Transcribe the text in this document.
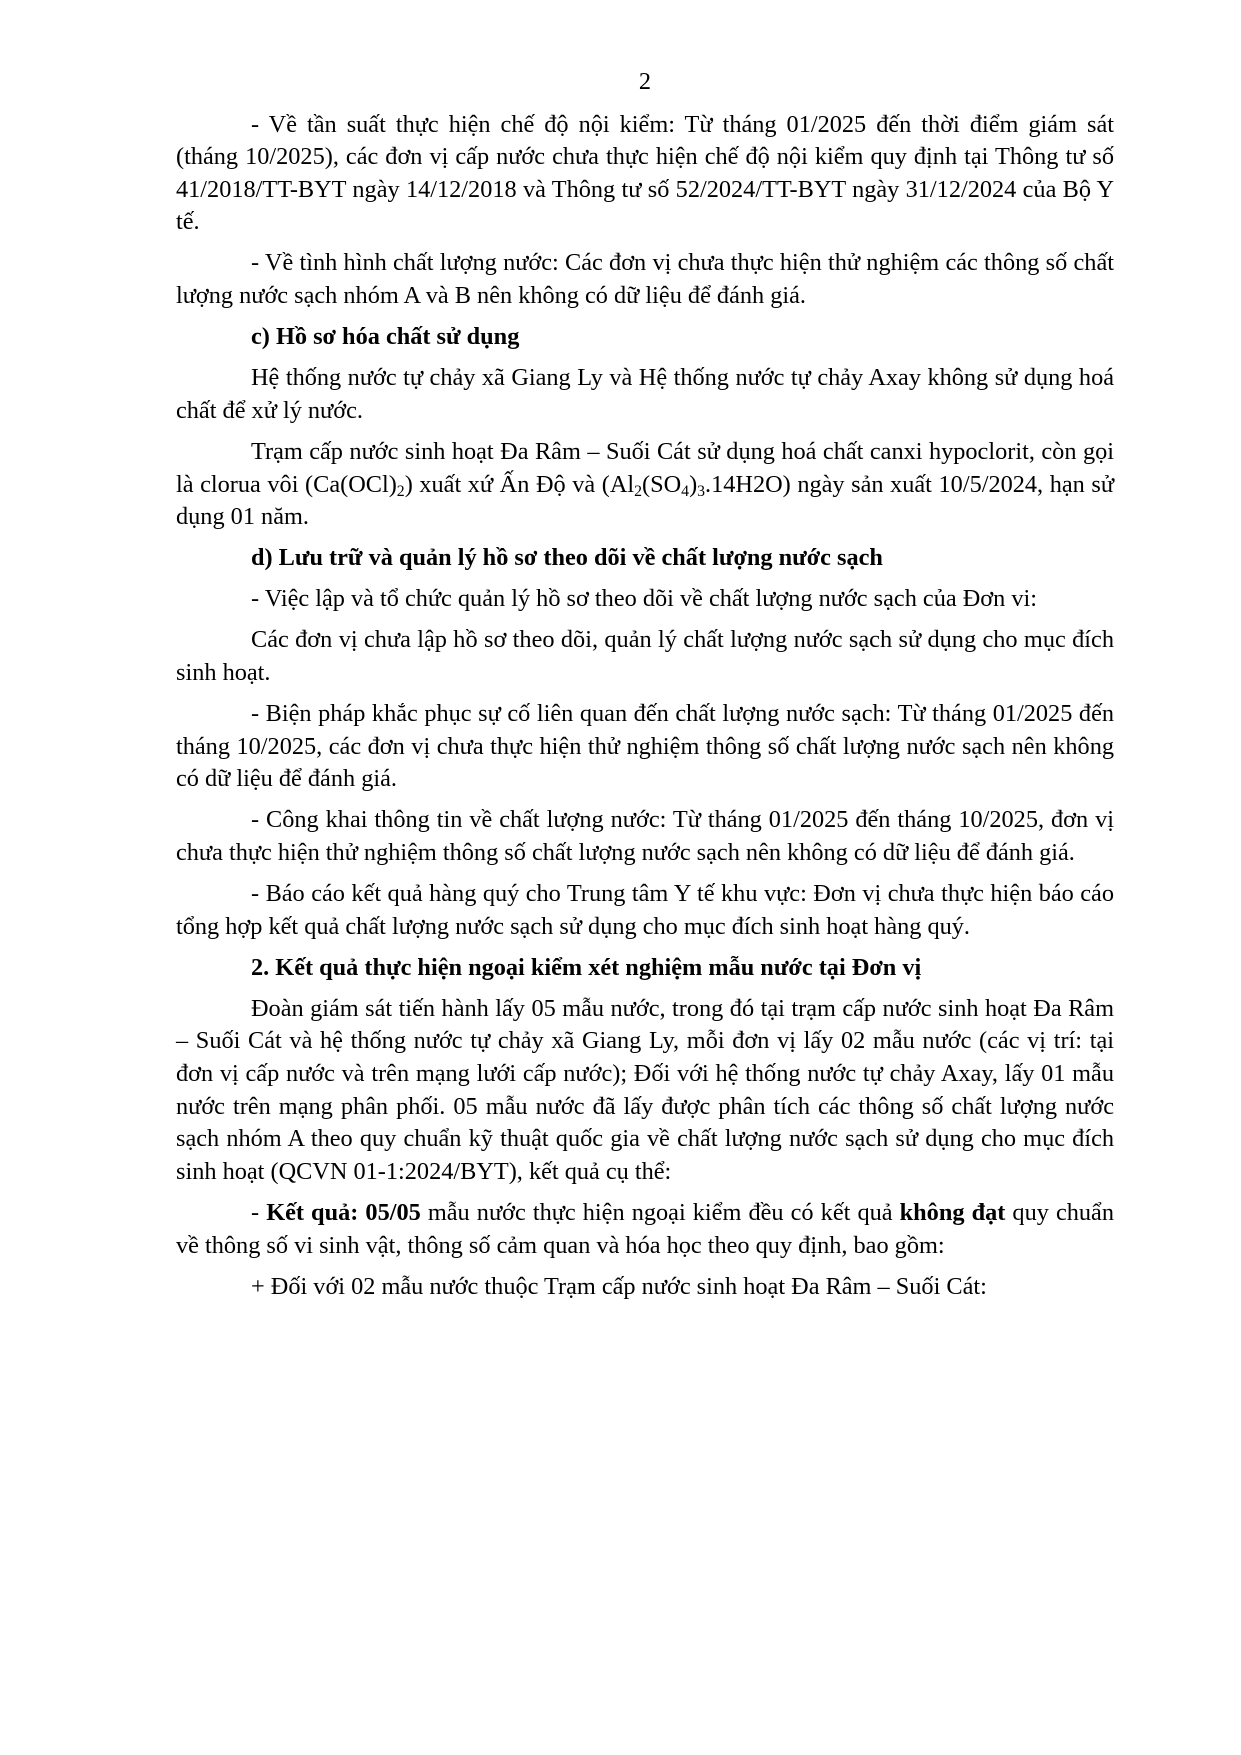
2

- Về tần suất thực hiện chế độ nội kiểm: Từ tháng 01/2025 đến thời điểm giám sát (tháng 10/2025), các đơn vị cấp nước chưa thực hiện chế độ nội kiểm quy định tại Thông tư số 41/2018/TT-BYT ngày 14/12/2018 và Thông tư số 52/2024/TT-BYT ngày 31/12/2024 của Bộ Y tế.

- Về tình hình chất lượng nước: Các đơn vị chưa thực hiện thử nghiệm các thông số chất lượng nước sạch nhóm A và B nên không có dữ liệu để đánh giá.

c) Hồ sơ hóa chất sử dụng

Hệ thống nước tự chảy xã Giang Ly và Hệ thống nước tự chảy Axay không sử dụng hoá chất để xử lý nước.

Trạm cấp nước sinh hoạt Đa Râm – Suối Cát sử dụng hoá chất canxi hypoclorit, còn gọi là clorua vôi $(Ca(OCl)_2)$ xuất xứ Ấn Độ và $(Al_2(SO_4)_3.14H2O)$ ngày sản xuất 10/5/2024, hạn sử dụng 01 năm.

d) Lưu trữ và quản lý hồ sơ theo dõi về chất lượng nước sạch

- Việc lập và tổ chức quản lý hồ sơ theo dõi về chất lượng nước sạch của Đơn vi:

Các đơn vị chưa lập hồ sơ theo dõi, quản lý chất lượng nước sạch sử dụng cho mục đích sinh hoạt.

- Biện pháp khắc phục sự cố liên quan đến chất lượng nước sạch: Từ tháng 01/2025 đến tháng 10/2025, các đơn vị chưa thực hiện thử nghiệm thông số chất lượng nước sạch nên không có dữ liệu để đánh giá.

- Công khai thông tin về chất lượng nước: Từ tháng 01/2025 đến tháng 10/2025, đơn vị chưa thực hiện thử nghiệm thông số chất lượng nước sạch nên không có dữ liệu để đánh giá.

- Báo cáo kết quả hàng quý cho Trung tâm Y tế khu vực: Đơn vị chưa thực hiện báo cáo tổng hợp kết quả chất lượng nước sạch sử dụng cho mục đích sinh hoạt hàng quý.

2. Kết quả thực hiện ngoại kiểm xét nghiệm mẫu nước tại Đơn vị

Đoàn giám sát tiến hành lấy 05 mẫu nước, trong đó tại trạm cấp nước sinh hoạt Đa Râm – Suối Cát và hệ thống nước tự chảy xã Giang Ly, mỗi đơn vị lấy 02 mẫu nước (các vị trí: tại đơn vị cấp nước và trên mạng lưới cấp nước); Đối với hệ thống nước tự chảy Axay, lấy 01 mẫu nước trên mạng phân phối. 05 mẫu nước đã lấy được phân tích các thông số chất lượng nước sạch nhóm A theo quy chuẩn kỹ thuật quốc gia về chất lượng nước sạch sử dụng cho mục đích sinh hoạt (QCVN 01-1:2024/BYT), kết quả cụ thể:

- Kết quả: 05/05 mẫu nước thực hiện ngoại kiểm đều có kết quả không đạt quy chuẩn về thông số vi sinh vật, thông số cảm quan và hóa học theo quy định, bao gồm:

+ Đối với 02 mẫu nước thuộc Trạm cấp nước sinh hoạt Đa Râm – Suối Cát:
